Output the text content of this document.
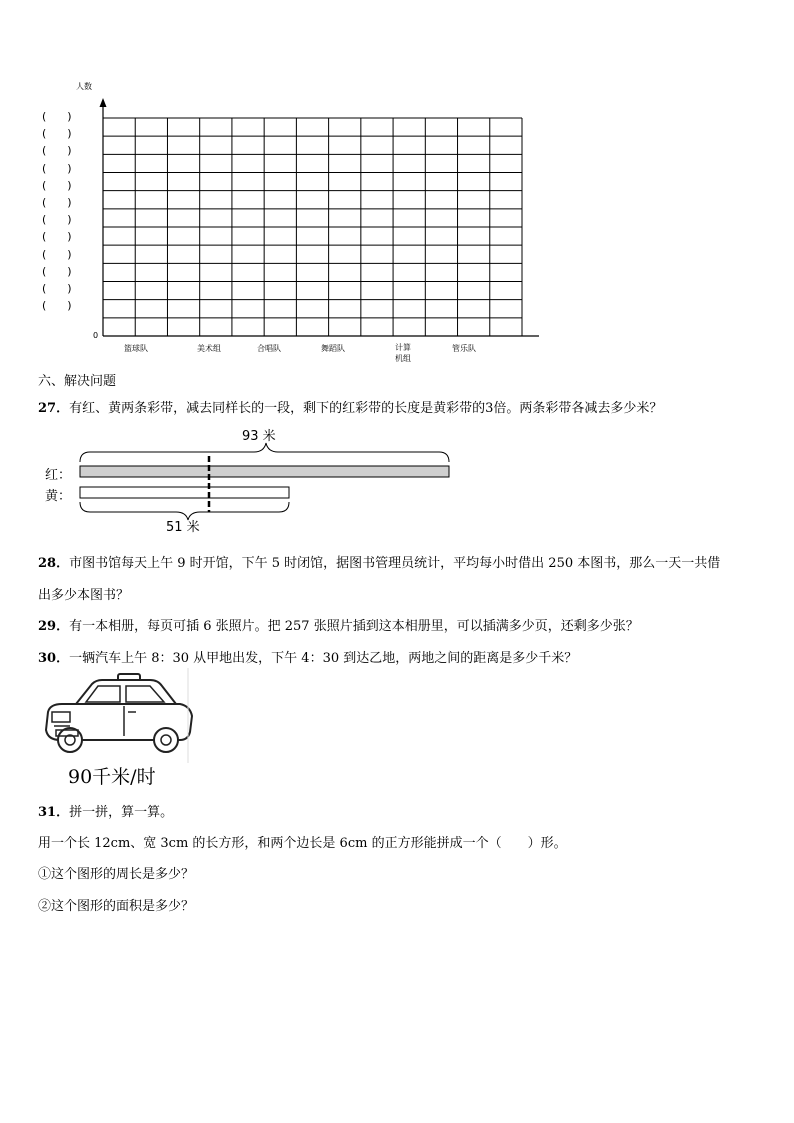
人数
0
(      )
(      )
(      )
(      )
(      )
(      )
(      )
(      )
(      )
(      )
(      )
(      )
篮球队	美术组	合唱队	舞蹈队	计算
机组
管乐队
六、解决问题
27．有红、黄两条彩带，减去同样长的一段，剩下的红彩带的长度是黄彩带的3倍。两条彩带各减去多少米？
93 米
红：
黄：
51 米
28．市图书馆每天上午 9 时开馆，下午 5 时闭馆，据图书管理员统计，平均每小时借出 250 本图书，那么一天一共借
出多少本图书？
29．有一本相册，每页可插 6 张照片。把 257 张照片插到这本相册里，可以插满多少页，还剩多少张？
30．一辆汽车上午 8：30 从甲地出发，下午 4：30 到达乙地，两地之间的距离是多少千米？
90千米/时
31．拼一拼，算一算。
用一个长 12cm、宽 3cm 的长方形，和两个边长是 6cm 的正方形能拼成一个（　　）形。
①这个图形的周长是多少？
②这个图形的面积是多少？
